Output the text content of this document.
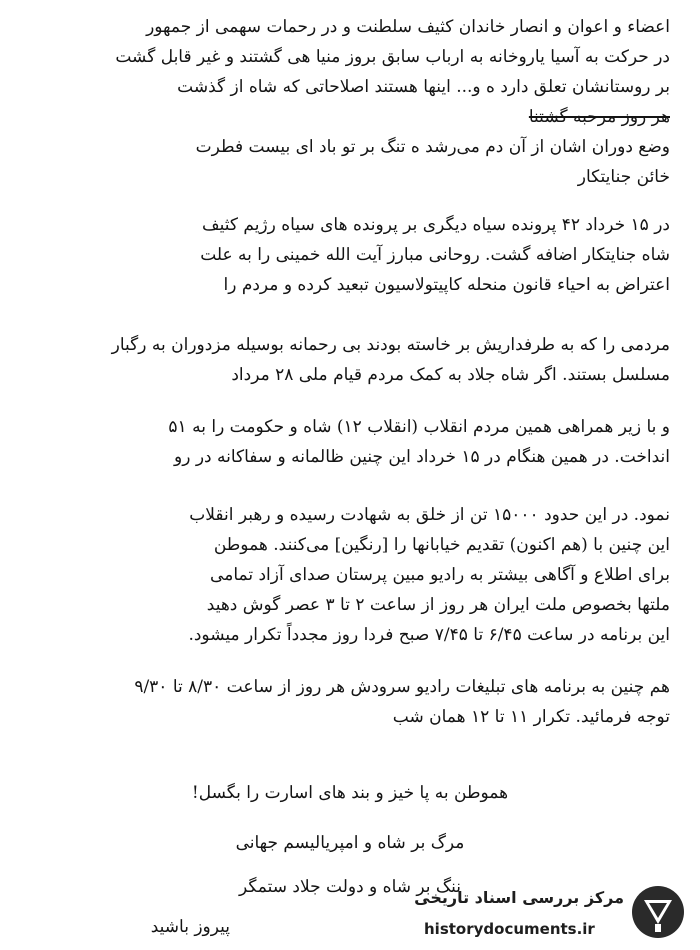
اعضاء و اعوان و انصار خاندان کثیف سلطنت و در رحمات سهمی از جمهور
در حرکت به آسیا یاروخانه به ارباب سابق بروز منیا هی گشتند و غیر قابل گشت
بر روستانشان تعلق دارد ه و... اینها هستند اصلاحاتی که شاه از گذشت
هر روز مرحبه گشتنا
وضع دوران اشان از آن دم می‌رشد ه تنگ بر تو باد ای بیست فطرت
خائن جنایتکار
در ۱۵ خرداد ۴۲ پرونده سیاه دیگری بر پرونده های سیاه رژیم کثیف
شاه جنایتکار اضافه گشت. روحانی مبارز آیت الله خمینی را به علت
اعتراض به احیاء قانون منحله کاپیتولاسیون تبعید کرده و مردم را
مردمی را که به طرفداریش بر خاسته بودند بی رحمانه بوسیله مزدوران به رگبار
مسلسل بستند. اگر شاه جلاد به کمک مردم قیام ملی ۲۸ مرداد
و با زیر همراهی همین مردم انقلاب (انقلاب ۱۲) شاه و حکومت را به ۵۱
انداخت. در همین هنگام در ۱۵ خرداد این چنین ظالمانه و سفاکانه در رو
نمود. در این حدود ۱۵۰۰۰ تن از خلق به شهادت رسیده و رهبر انقلاب
این چنین با (هم اکنون) تقدیم خیابانها را [رنگین] می‌کنند. هموطن
برای اطلاع و آگاهی بیشتر به رادیو مبین پرستان صدای آزاد تمامی
ملتها بخصوص ملت ایران هر روز از ساعت ۲ تا ۳ عصر گوش دهید
این برنامه در ساعت ۶/۴۵ تا ۷/۴۵ صبح فردا روز مجدداً تکرار میشود.
هم چنین به برنامه های تبلیغات رادیو سرودش هر روز از ساعت ۸/۳۰ تا ۹/۳۰
توجه فرمائید. تکرار ۱۱ تا ۱۲ همان شب
هموطن به پا خیز و بند های اسارت را بگسل!
مرگ بر شاه و امپریالیسم جهانی
ننگ بر شاه و دولت جلاد ستمگر
پیروز باشید
مرکز بررسی اسناد تاریخی
historydocuments.ir
